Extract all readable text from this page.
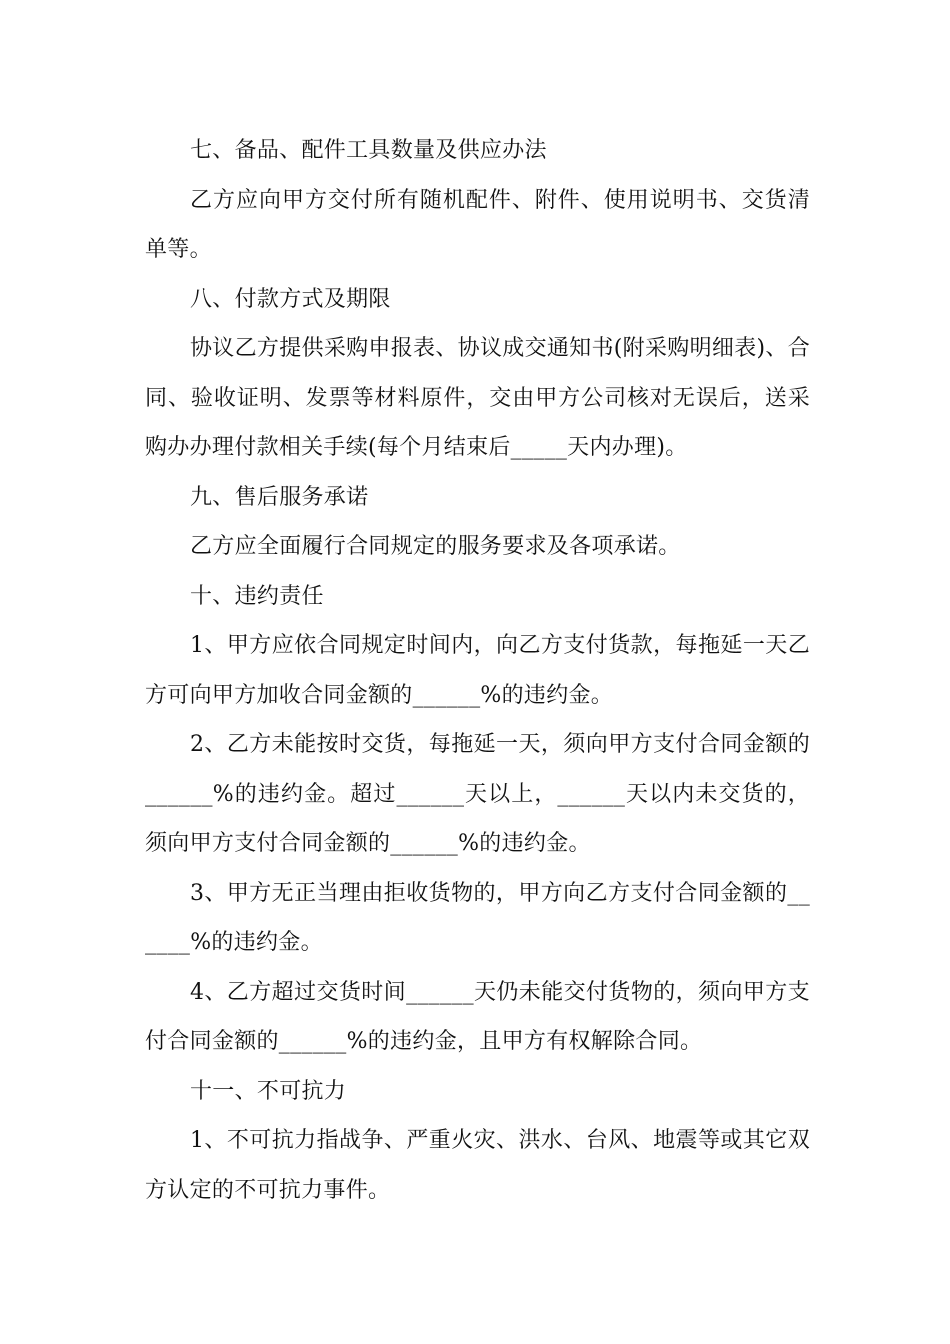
七、备品、配件工具数量及供应办法

乙方应向甲方交付所有随机配件、附件、使用说明书、交货清单等。

八、付款方式及期限

协议乙方提供采购申报表、协议成交通知书(附采购明细表)、合同、验收证明、发票等材料原件，交由甲方公司核对无误后，送采购办办理付款相关手续(每个月结束后_____天内办理)。

九、售后服务承诺

乙方应全面履行合同规定的服务要求及各项承诺。

十、违约责任

1、甲方应依合同规定时间内，向乙方支付货款，每拖延一天乙方可向甲方加收合同金额的______%的违约金。

2、乙方未能按时交货，每拖延一天，须向甲方支付合同金额的______%的违约金。超过______天以上，______天以内未交货的，须向甲方支付合同金额的______%的违约金。

3、甲方无正当理由拒收货物的，甲方向乙方支付合同金额的______%的违约金。

4、乙方超过交货时间______天仍未能交付货物的，须向甲方支付合同金额的______%的违约金，且甲方有权解除合同。

十一、不可抗力

1、不可抗力指战争、严重火灾、洪水、台风、地震等或其它双方认定的不可抗力事件。
